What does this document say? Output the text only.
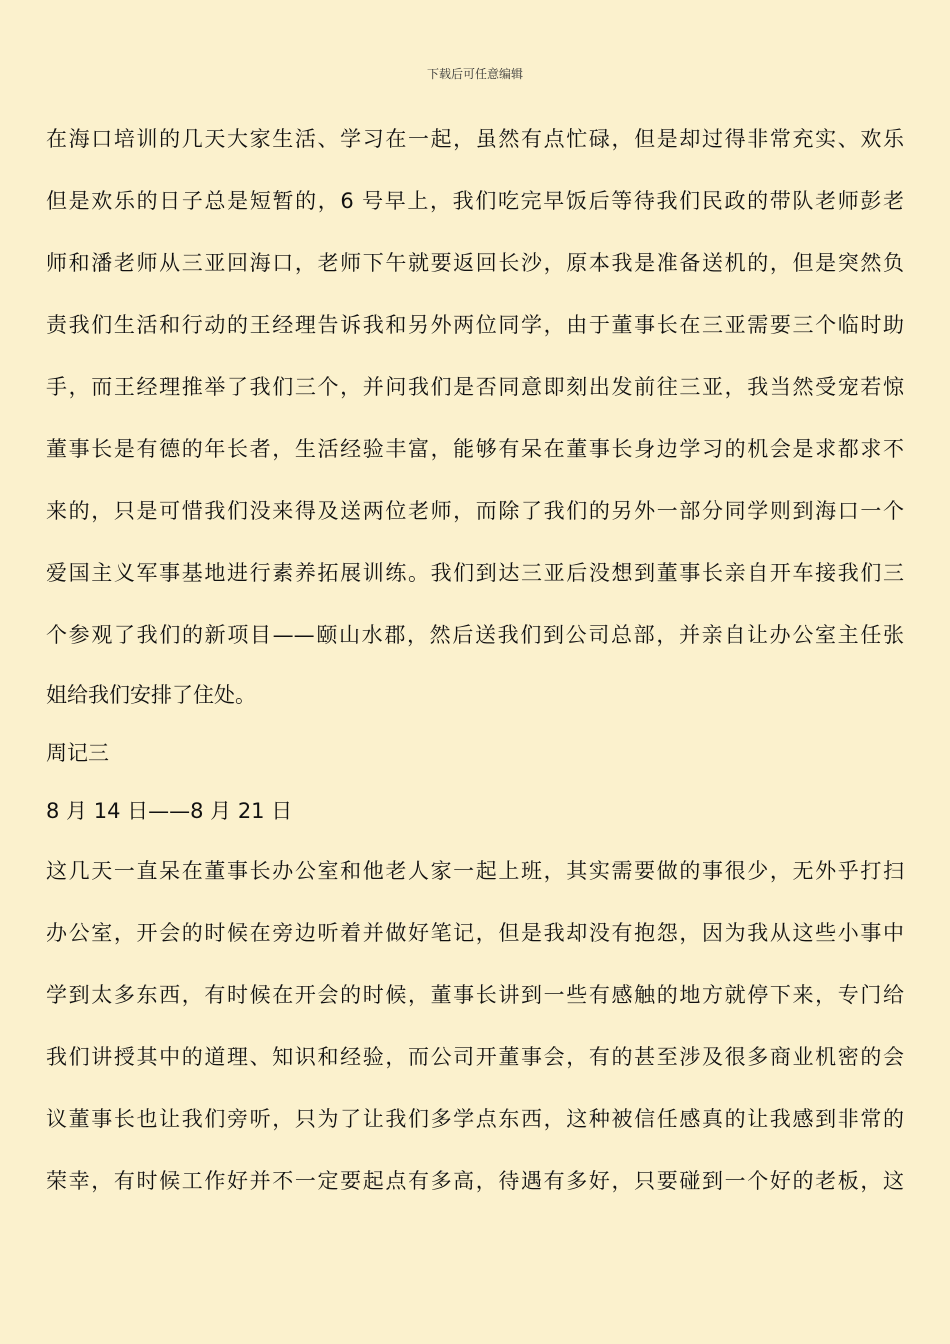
下载后可任意编辑
在海口培训的几天大家生活、学习在一起，虽然有点忙碌，但是却过得非常充实、欢乐
但是欢乐的日子总是短暂的，6 号早上，我们吃完早饭后等待我们民政的带队老师彭老
师和潘老师从三亚回海口，老师下午就要返回长沙，原本我是准备送机的，但是突然负
责我们生活和行动的王经理告诉我和另外两位同学，由于董事长在三亚需要三个临时助
手，而王经理推举了我们三个，并问我们是否同意即刻出发前往三亚，我当然受宠若惊
董事长是有德的年长者，生活经验丰富，能够有呆在董事长身边学习的机会是求都求不
来的，只是可惜我们没来得及送两位老师，而除了我们的另外一部分同学则到海口一个
爱国主义军事基地进行素养拓展训练。我们到达三亚后没想到董事长亲自开车接我们三
个参观了我们的新项目——颐山水郡，然后送我们到公司总部，并亲自让办公室主任张
姐给我们安排了住处。
周记三
8 月 14 日——8 月 21 日
这几天一直呆在董事长办公室和他老人家一起上班，其实需要做的事很少，无外乎打扫
办公室，开会的时候在旁边听着并做好笔记，但是我却没有抱怨，因为我从这些小事中
学到太多东西，有时候在开会的时候，董事长讲到一些有感触的地方就停下来，专门给
我们讲授其中的道理、知识和经验，而公司开董事会，有的甚至涉及很多商业机密的会
议董事长也让我们旁听，只为了让我们多学点东西，这种被信任感真的让我感到非常的
荣幸，有时候工作好并不一定要起点有多高，待遇有多好，只要碰到一个好的老板，这
